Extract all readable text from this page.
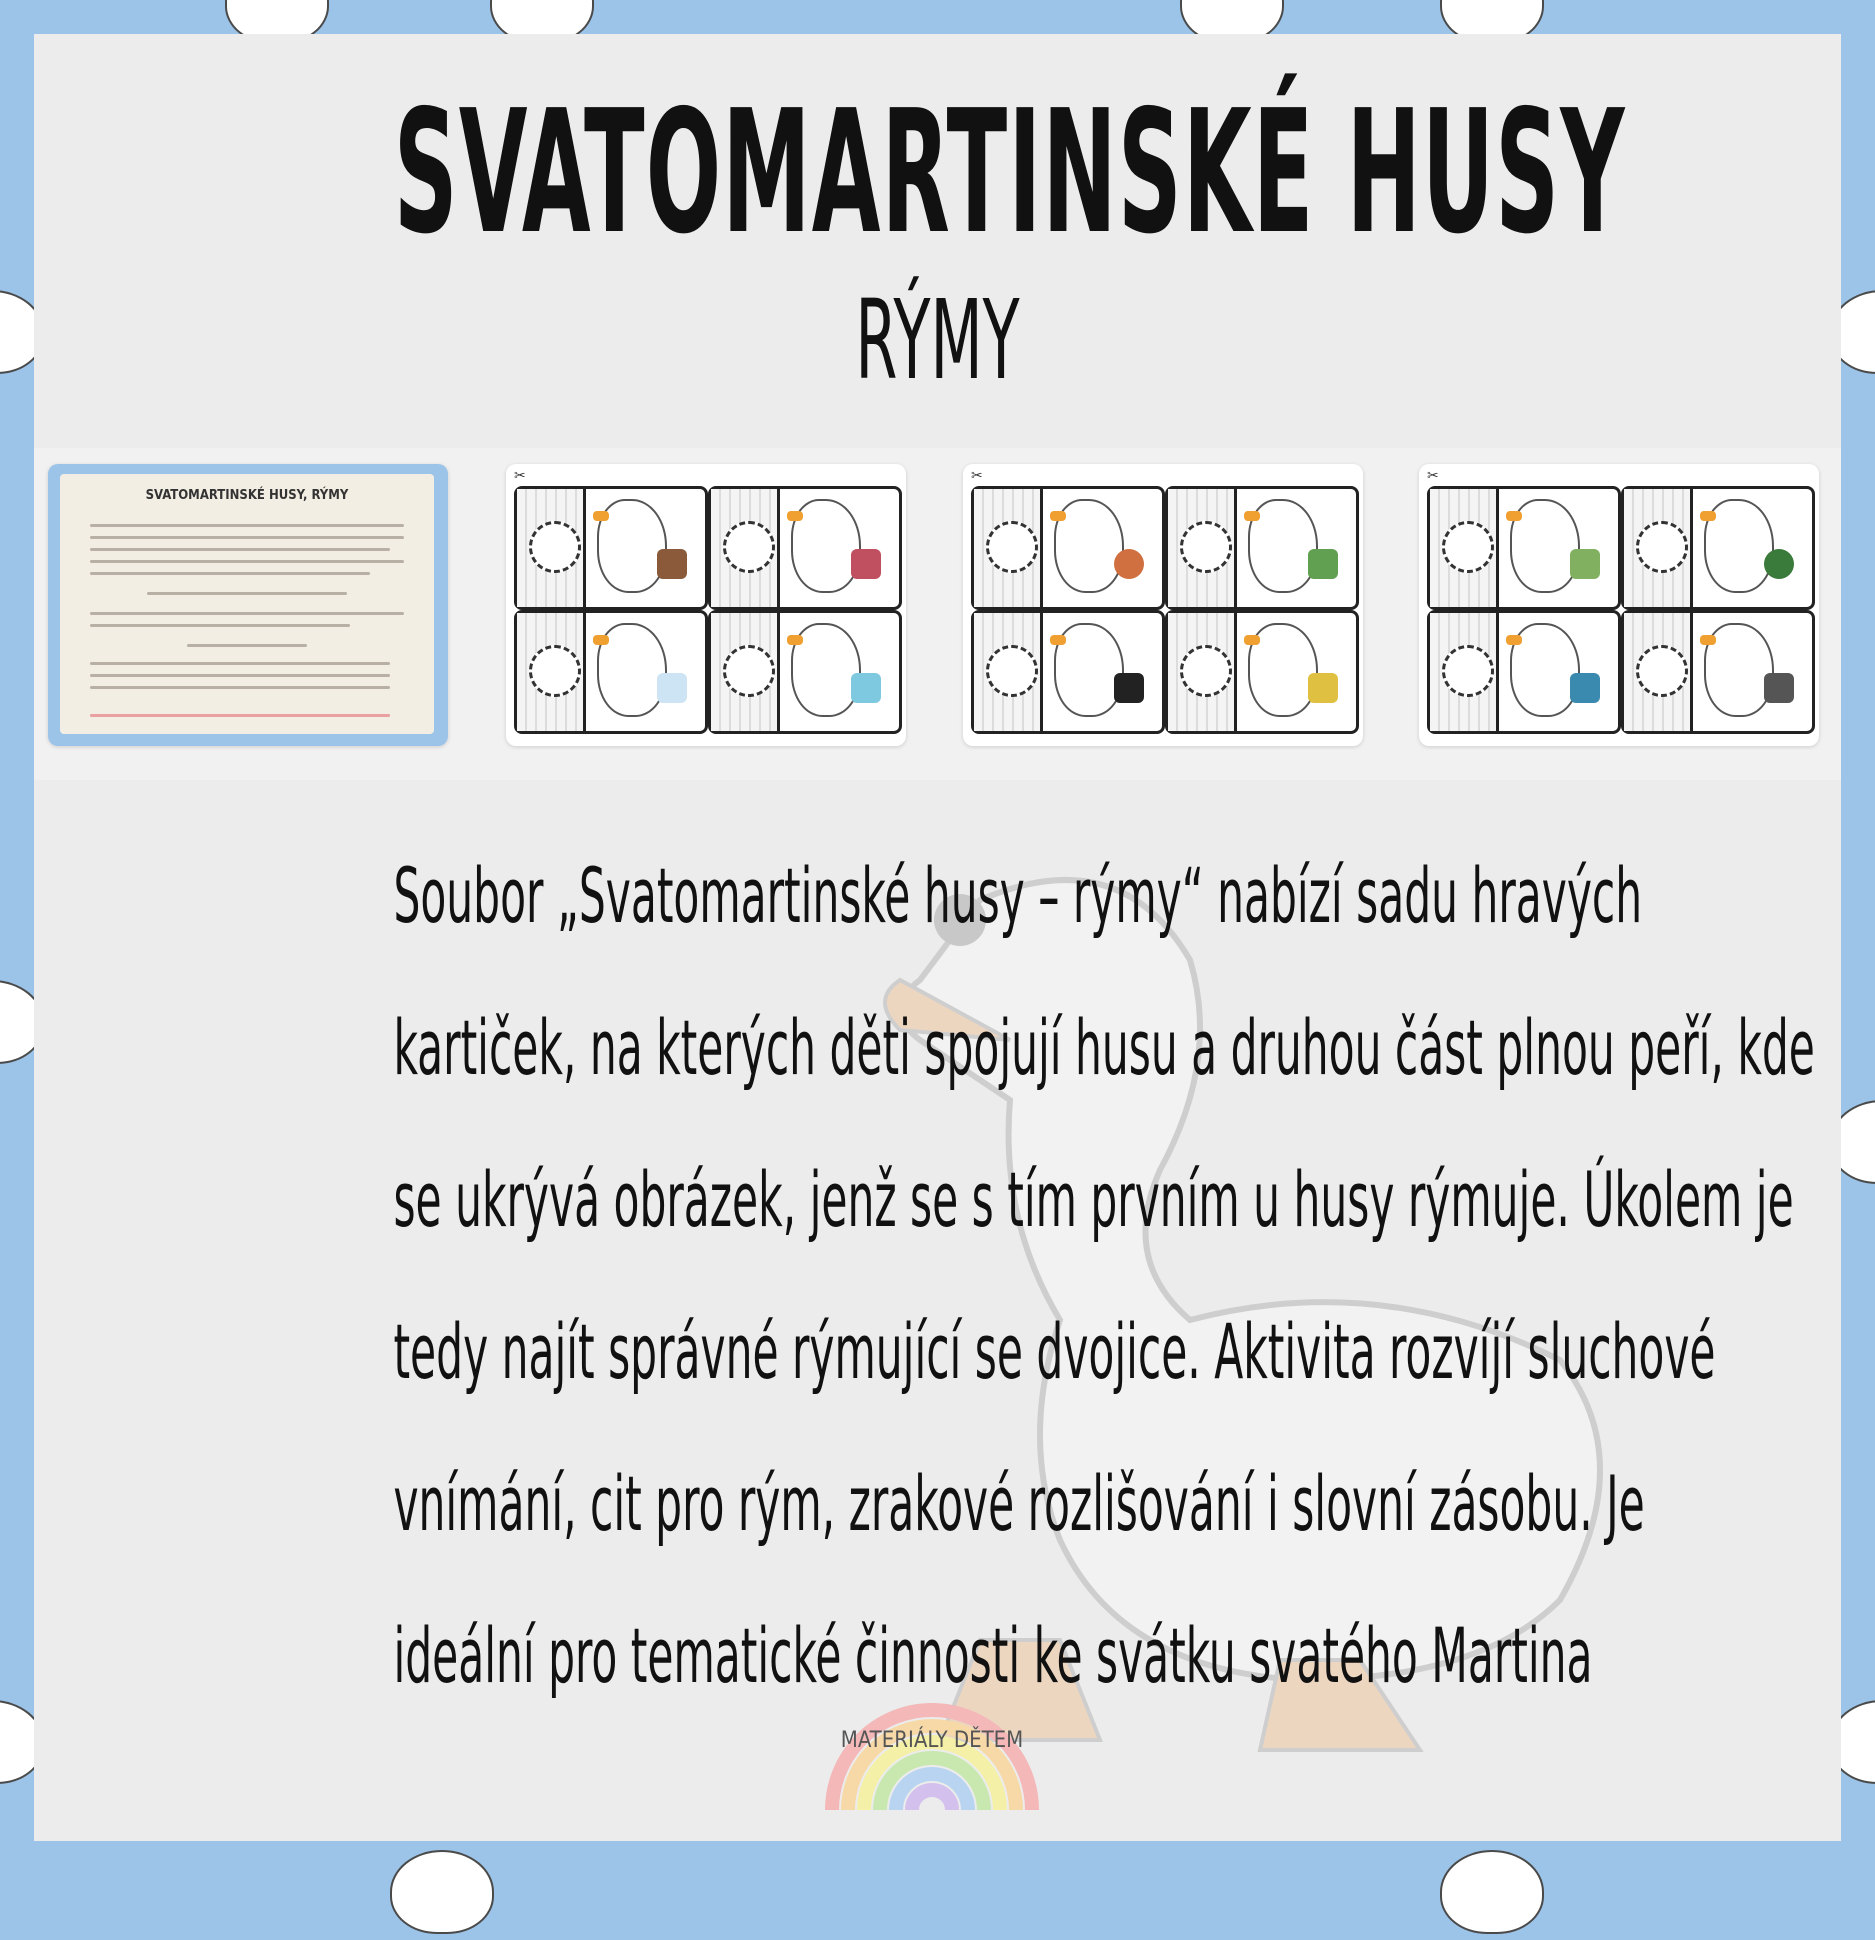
SVATOMARTINSKÉ HUSY
RÝMY
SVATOMARTINSKÉ HUSY, RÝMY
✂	✂	✂
Soubor „Svatomartinské husy – rýmy“ nabízí sadu hravých
kartiček, na kterých děti spojují husu a druhou část plnou peří, kde
se ukrývá obrázek, jenž se s tím prvním u husy rýmuje. Úkolem je
tedy najít správné rýmující se dvojice. Aktivita rozvíjí sluchové
vnímání, cit pro rým, zrakové rozlišování i slovní zásobu. Je
ideální pro tematické činnosti ke svátku svatého Martina
MATERIÁLY DĚTEM
